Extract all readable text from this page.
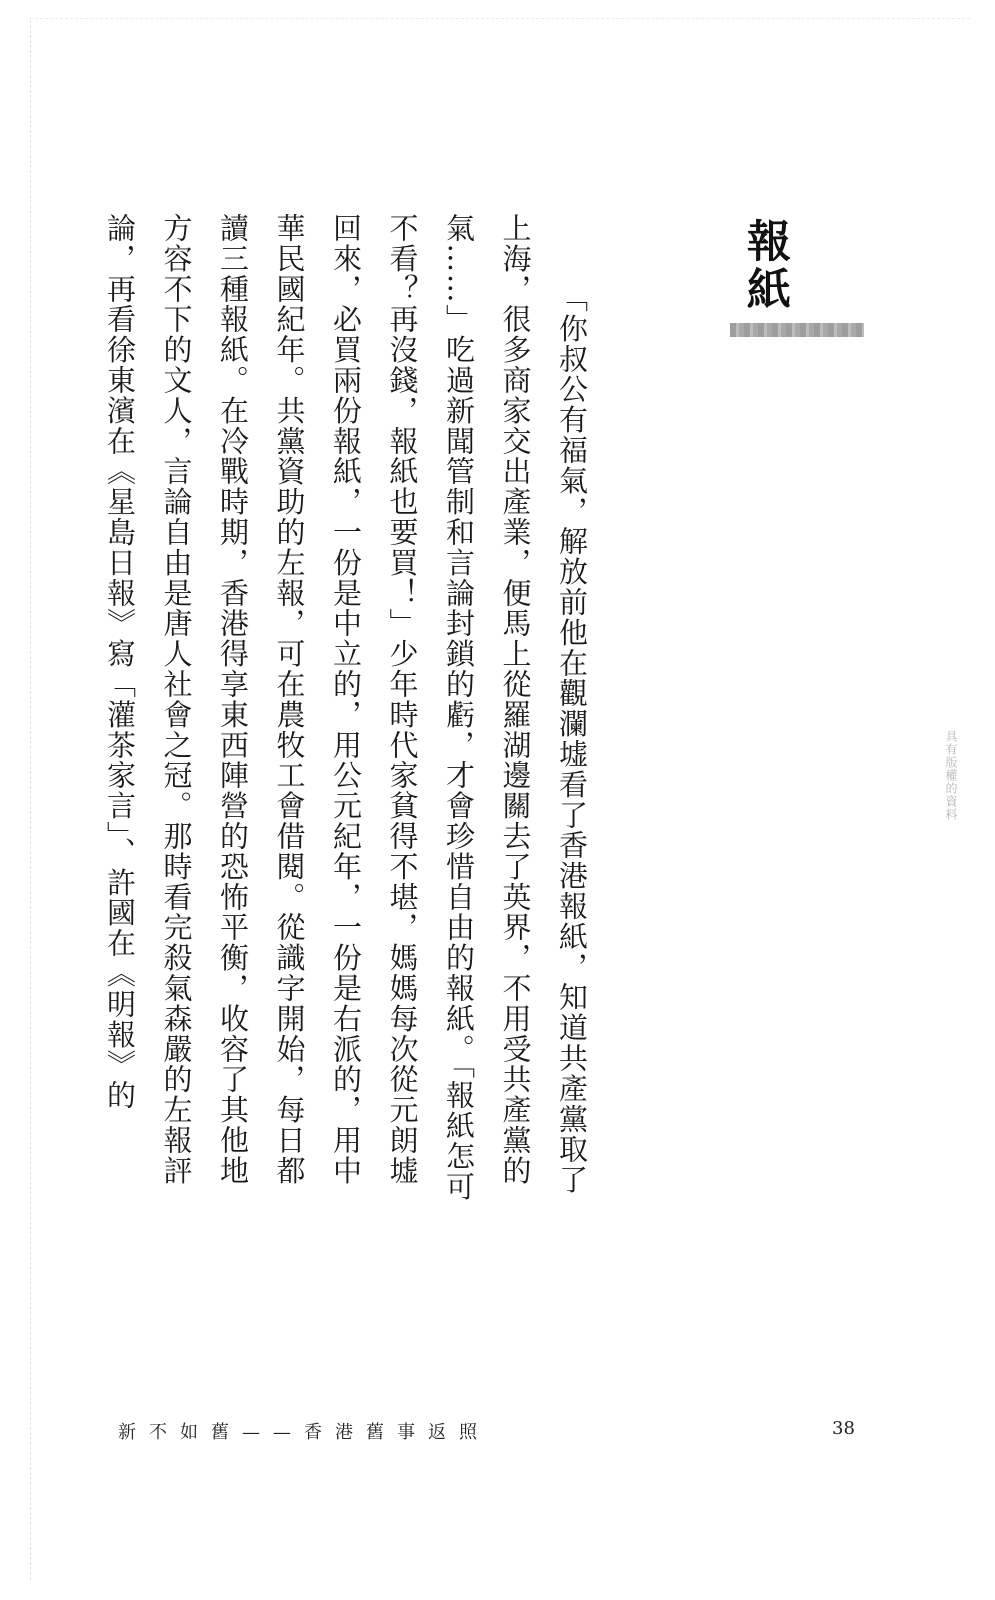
報紙

「你叔公有福氣，解放前他在觀瀾墟看了香港報紙，知道共產黨取了上海，很多商家交出產業，便馬上從羅湖邊關去了英界，不用受共產黨的氣……」吃過新聞管制和言論封鎖的虧，才會珍惜自由的報紙。「報紙怎可不看？再沒錢，報紙也要買！」少年時代家貧得不堪，媽媽每次從元朗墟回來，必買兩份報紙，一份是中立的，用公元紀年，一份是右派的，用中華民國紀年。共黨資助的左報，可在農牧工會借閱。從識字開始，每日都讀三種報紙。在冷戰時期，香港得享東西陣營的恐怖平衡，收容了其他地方容不下的文人，言論自由是唐人社會之冠。那時看完殺氣森嚴的左報評論，再看徐東濱在《星島日報》寫「灌茶家言」、許國在《明報》的	具有版權的資料
新不如舊——香港舊事返照	38
